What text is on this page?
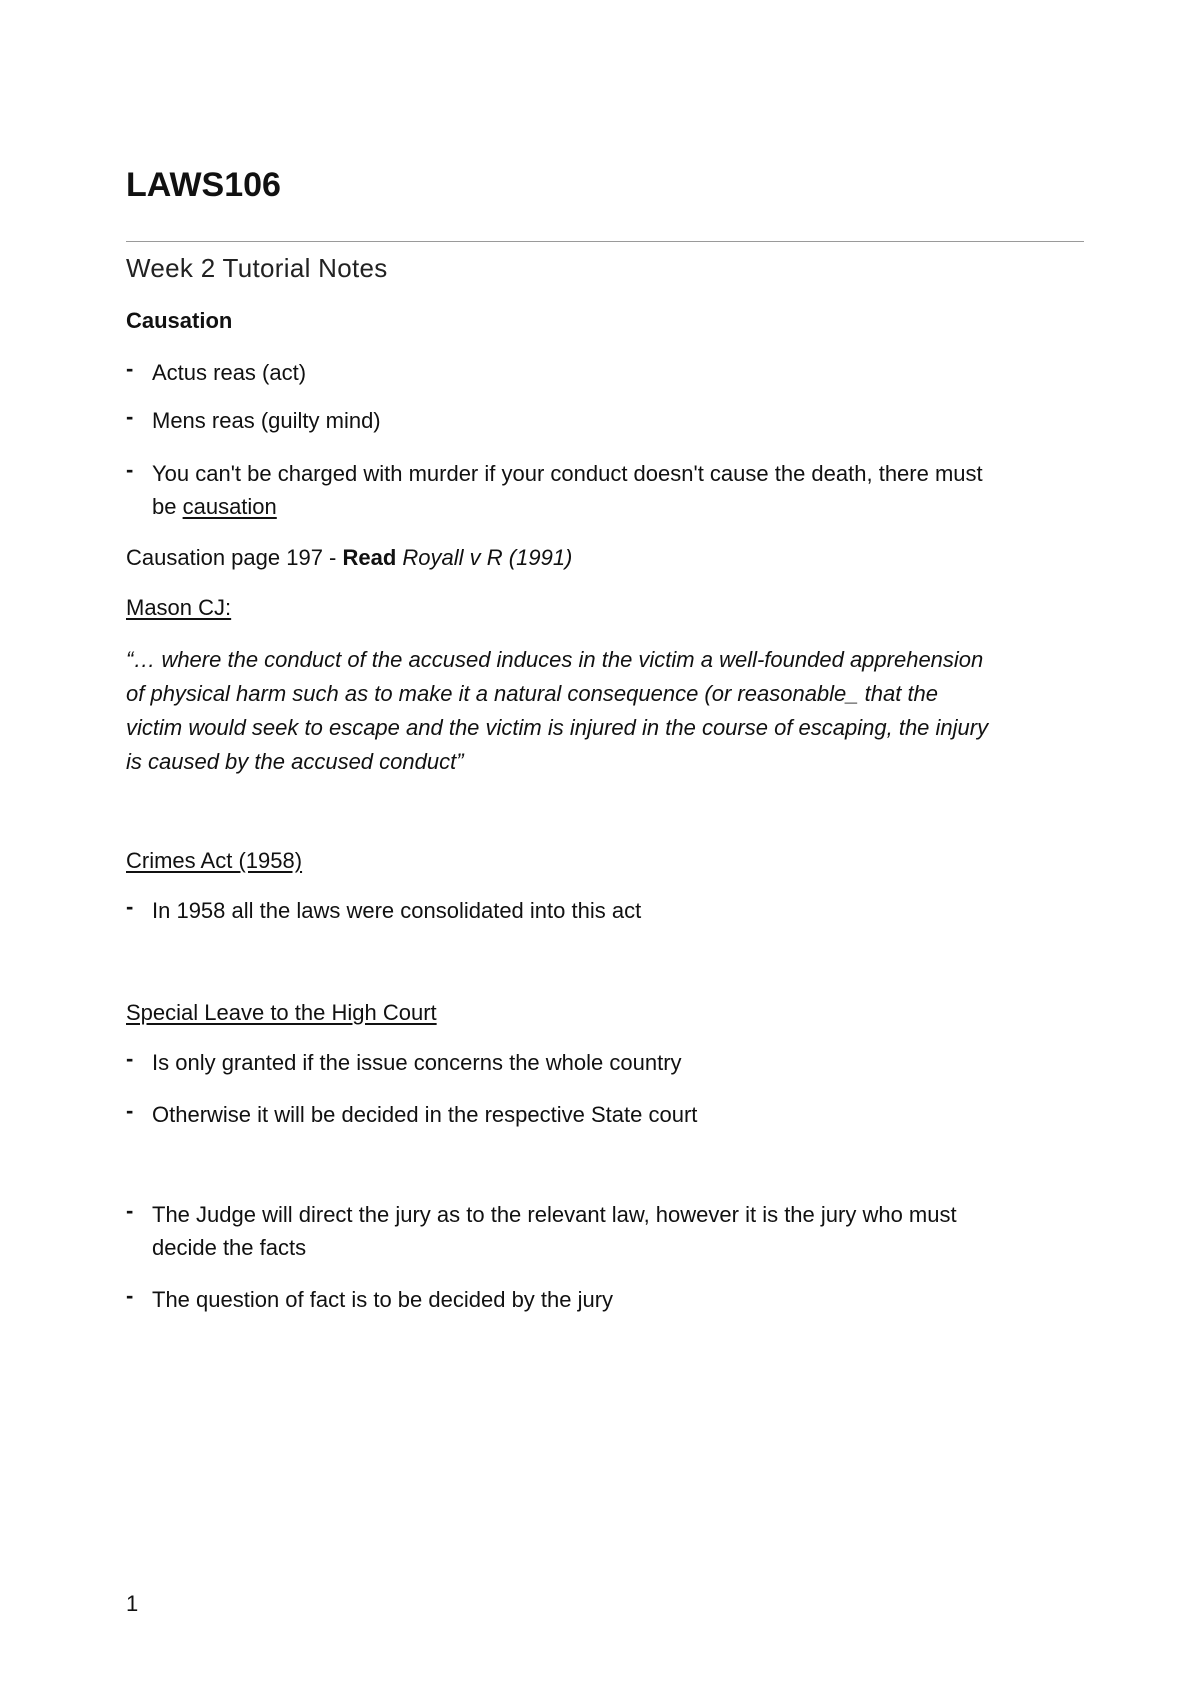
LAWS106
Week 2 Tutorial Notes
Causation
- Actus reas (act)
- Mens reas (guilty mind)
- You can't be charged with murder if your conduct doesn't cause the death, there must
be causation
Causation page 197 - Read Royall v R (1991)
Mason CJ:
“… where the conduct of the accused induces in the victim a well-founded apprehension
of physical harm such as to make it a natural consequence (or reasonable_ that the
victim would seek to escape and the victim is injured in the course of escaping, the injury
is caused by the accused conduct”
Crimes Act (1958)
- In 1958 all the laws were consolidated into this act
Special Leave to the High Court
- Is only granted if the issue concerns the whole country
- Otherwise it will be decided in the respective State court
- The Judge will direct the jury as to the relevant law, however it is the jury who must
decide the facts
- The question of fact is to be decided by the jury
1
